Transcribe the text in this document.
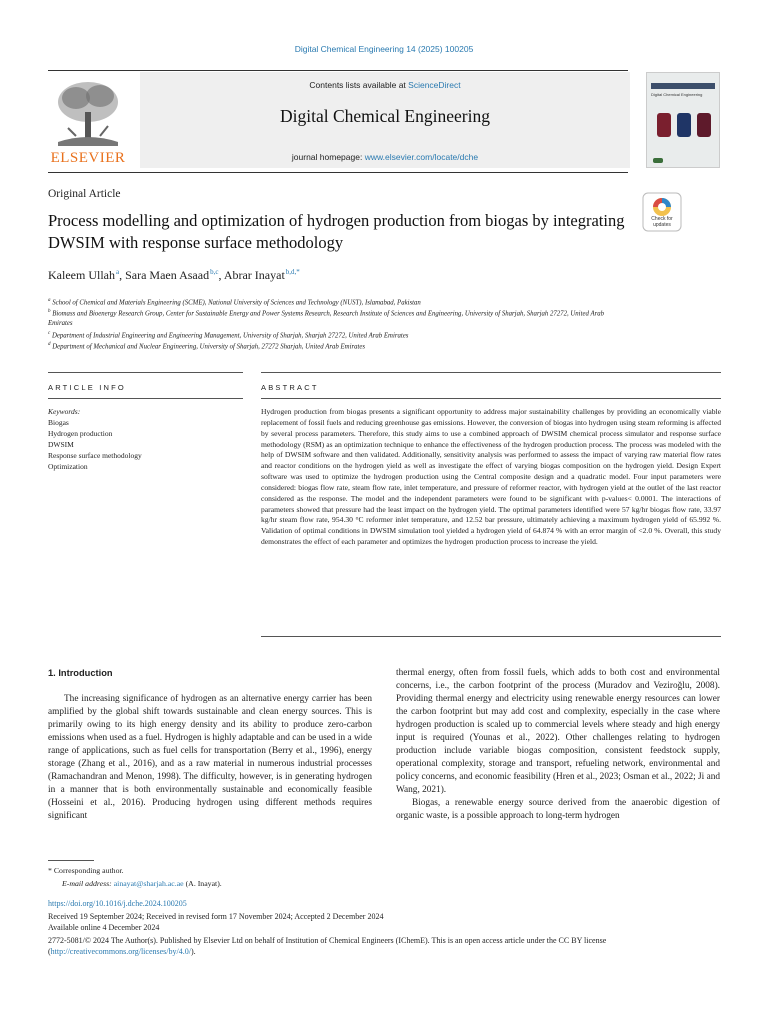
Digital Chemical Engineering 14 (2025) 100205
ELSEVIER
Contents lists available at ScienceDirect
Digital Chemical Engineering
journal homepage: www.elsevier.com/locate/dche
Digital Chemical Engineering
Original Article
Process modelling and optimization of hydrogen production from biogas by integrating DWSIM with response surface methodology
Check for updates
Kaleem Ullah $^a$, Sara Maen Asaad $^{b,c}$, Abrar Inayat $^{b,d,*}$
$^a$ School of Chemical and Materials Engineering (SCME), National University of Sciences and Technology (NUST), Islamabad, Pakistan
$^b$ Biomass and Bioenergy Research Group, Center for Sustainable Energy and Power Systems Research, Research Institute of Sciences and Engineering, University of Sharjah, Sharjah 27272, United Arab Emirates
$^c$ Department of Industrial Engineering and Engineering Management, University of Sharjah, Sharjah 27272, United Arab Emirates
$^d$ Department of Mechanical and Nuclear Engineering, University of Sharjah, 27272 Sharjah, United Arab Emirates
ARTICLE INFO	ABSTRACT
Keywords:
Biogas
Hydrogen production
DWSIM
Response surface methodology
Optimization
Hydrogen production from biogas presents a significant opportunity to address major sustainability challenges by providing an economically viable replacement of fossil fuels and reducing greenhouse gas emissions. However, the conversion of biogas into hydrogen using steam reforming is affected by several process parameters. Therefore, this study aims to use a combined approach of DWSIM chemical process simulator and response surface methodology (RSM) as an optimization technique to enhance the effectiveness of the hydrogen production process. The process was modeled with the help of DWSIM software and then validated. Additionally, sensitivity analysis was performed to assess the impact of varying raw material flow rates and reactor conditions on the hydrogen yield as well as investigate the effect of varying biogas composition on the hydrogen yield. Design Expert software was used to optimize the hydrogen production using the Central composite design and a quadratic model. Four input parameters were considered: biogas flow rate, steam flow rate, inlet temperature, and pressure of reformer reactor, with hydrogen yield at the outlet of the last reactor considered as the response. The model and the independent parameters were found to be significant with p-values< 0.0001. The interactions of parameters showed that pressure had the least impact on the hydrogen yield. The optimal parameters identified were 57 kg/hr biogas flow rate, 33.97 kg/hr steam flow rate, 954.30 °C reformer inlet temperature, and 12.52 bar pressure, ultimately achieving a maximum hydrogen yield of 65.992 %. Validation of optimal conditions in DWSIM simulation tool yielded a hydrogen yield of 64.874 % with an error margin of <2.0 %. Overall, this study demonstrates the effect of each parameter and optimizes the hydrogen production process to increase the yield.
1. Introduction

The increasing significance of hydrogen as an alternative energy carrier has been amplified by the global shift towards sustainable and clean energy sources. This is primarily owing to its high energy density and its ability to produce zero-carbon emissions when used as a fuel. Hydrogen is highly adaptable and can be used in a wide range of applications, such as fuel cells for transportation (Berry et al., 1996), energy storage (Zhang et al., 2016), and as a raw material in numerous industrial processes (Ramachandran and Menon, 1998). The difficulty, however, is in generating hydrogen in a manner that is both environmentally sustainable and economically feasible (Hosseini et al., 2016). Producing hydrogen using different methods requires significant

thermal energy, often from fossil fuels, which adds to both cost and environmental concerns, i.e., the carbon footprint of the process (Muradov and Veziroğlu, 2008). Providing thermal energy and electricity using renewable energy resources can lower the carbon footprint but may add cost and complexity, especially in the case where hydrogen production is scaled up to commercial levels where steady and high energy input is required (Younas et al., 2022). Other challenges relating to hydrogen production include variable biogas composition, consistent feedstock supply, operational complexity, storage and transport, refueling network, environmental and policy concerns, and economic feasibility (Hren et al., 2023; Osman et al., 2022; Ji and Wang, 2021).

Biogas, a renewable energy source derived from the anaerobic digestion of organic waste, is a possible approach to long-term hydrogen

* Corresponding author.
E-mail address: ainayat@sharjah.ac.ae (A. Inayat).
https://doi.org/10.1016/j.dche.2024.100205
Received 19 September 2024; Received in revised form 17 November 2024; Accepted 2 December 2024
Available online 4 December 2024
2772-5081/© 2024 The Author(s). Published by Elsevier Ltd on behalf of Institution of Chemical Engineers (IChemE). This is an open access article under the CC BY license (http://creativecommons.org/licenses/by/4.0/).
